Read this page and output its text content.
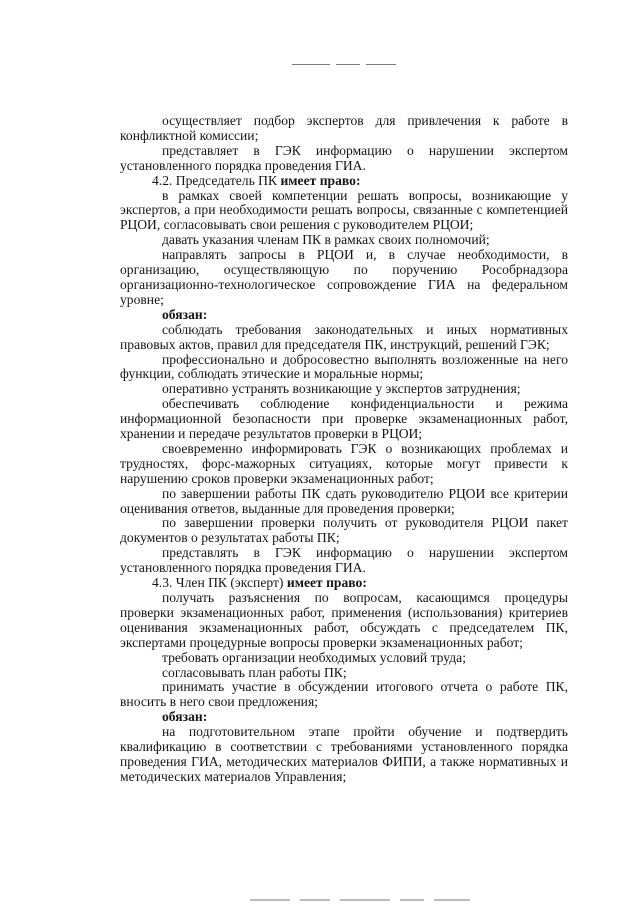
осуществляет подбор экспертов для привлечения к работе в конфликтной комиссии;

представляет в ГЭК информацию о нарушении экспертом установленного порядка проведения ГИА.

4.2. Председатель ПК имеет право:

в рамках своей компетенции решать вопросы, возникающие у экспертов, а при необходимости решать вопросы, связанные с компетенцией РЦОИ, согласовывать свои решения с руководителем РЦОИ;

давать указания членам ПК в рамках своих полномочий;

направлять запросы в РЦОИ и, в случае необходимости, в организацию, осуществляющую по поручению Рособрнадзора организационно-технологическое сопровождение ГИА на федеральном уровне;

обязан:

соблюдать требования законодательных и иных нормативных правовых актов, правил для председателя ПК, инструкций, решений ГЭК;

профессионально и добросовестно выполнять возложенные на него функции, соблюдать этические и моральные нормы;

оперативно устранять возникающие у экспертов затруднения;

обеспечивать соблюдение конфиденциальности и режима информационной безопасности при проверке экзаменационных работ, хранении и передаче результатов проверки в РЦОИ;

своевременно информировать ГЭК о возникающих проблемах и трудностях, форс-мажорных ситуациях, которые могут привести к нарушению сроков проверки экзаменационных работ;

по завершении работы ПК сдать руководителю РЦОИ все критерии оценивания ответов, выданные для проведения проверки;

по завершении проверки получить от руководителя РЦОИ пакет документов о результатах работы ПК;

представлять в ГЭК информацию о нарушении экспертом установленного порядка проведения ГИА.

4.3. Член ПК (эксперт) имеет право:

получать разъяснения по вопросам, касающимся процедуры проверки экзаменационных работ, применения (использования) критериев оценивания экзаменационных работ, обсуждать с председателем ПК, экспертами процедурные вопросы проверки экзаменационных работ;

требовать организации необходимых условий труда;

согласовывать план работы ПК;

принимать участие в обсуждении итогового отчета о работе ПК, вносить в него свои предложения;

обязан:

на подготовительном этапе пройти обучение и подтвердить квалификацию в соответствии с требованиями установленного порядка проведения ГИА, методических материалов ФИПИ, а также нормативных и методических материалов Управления;
